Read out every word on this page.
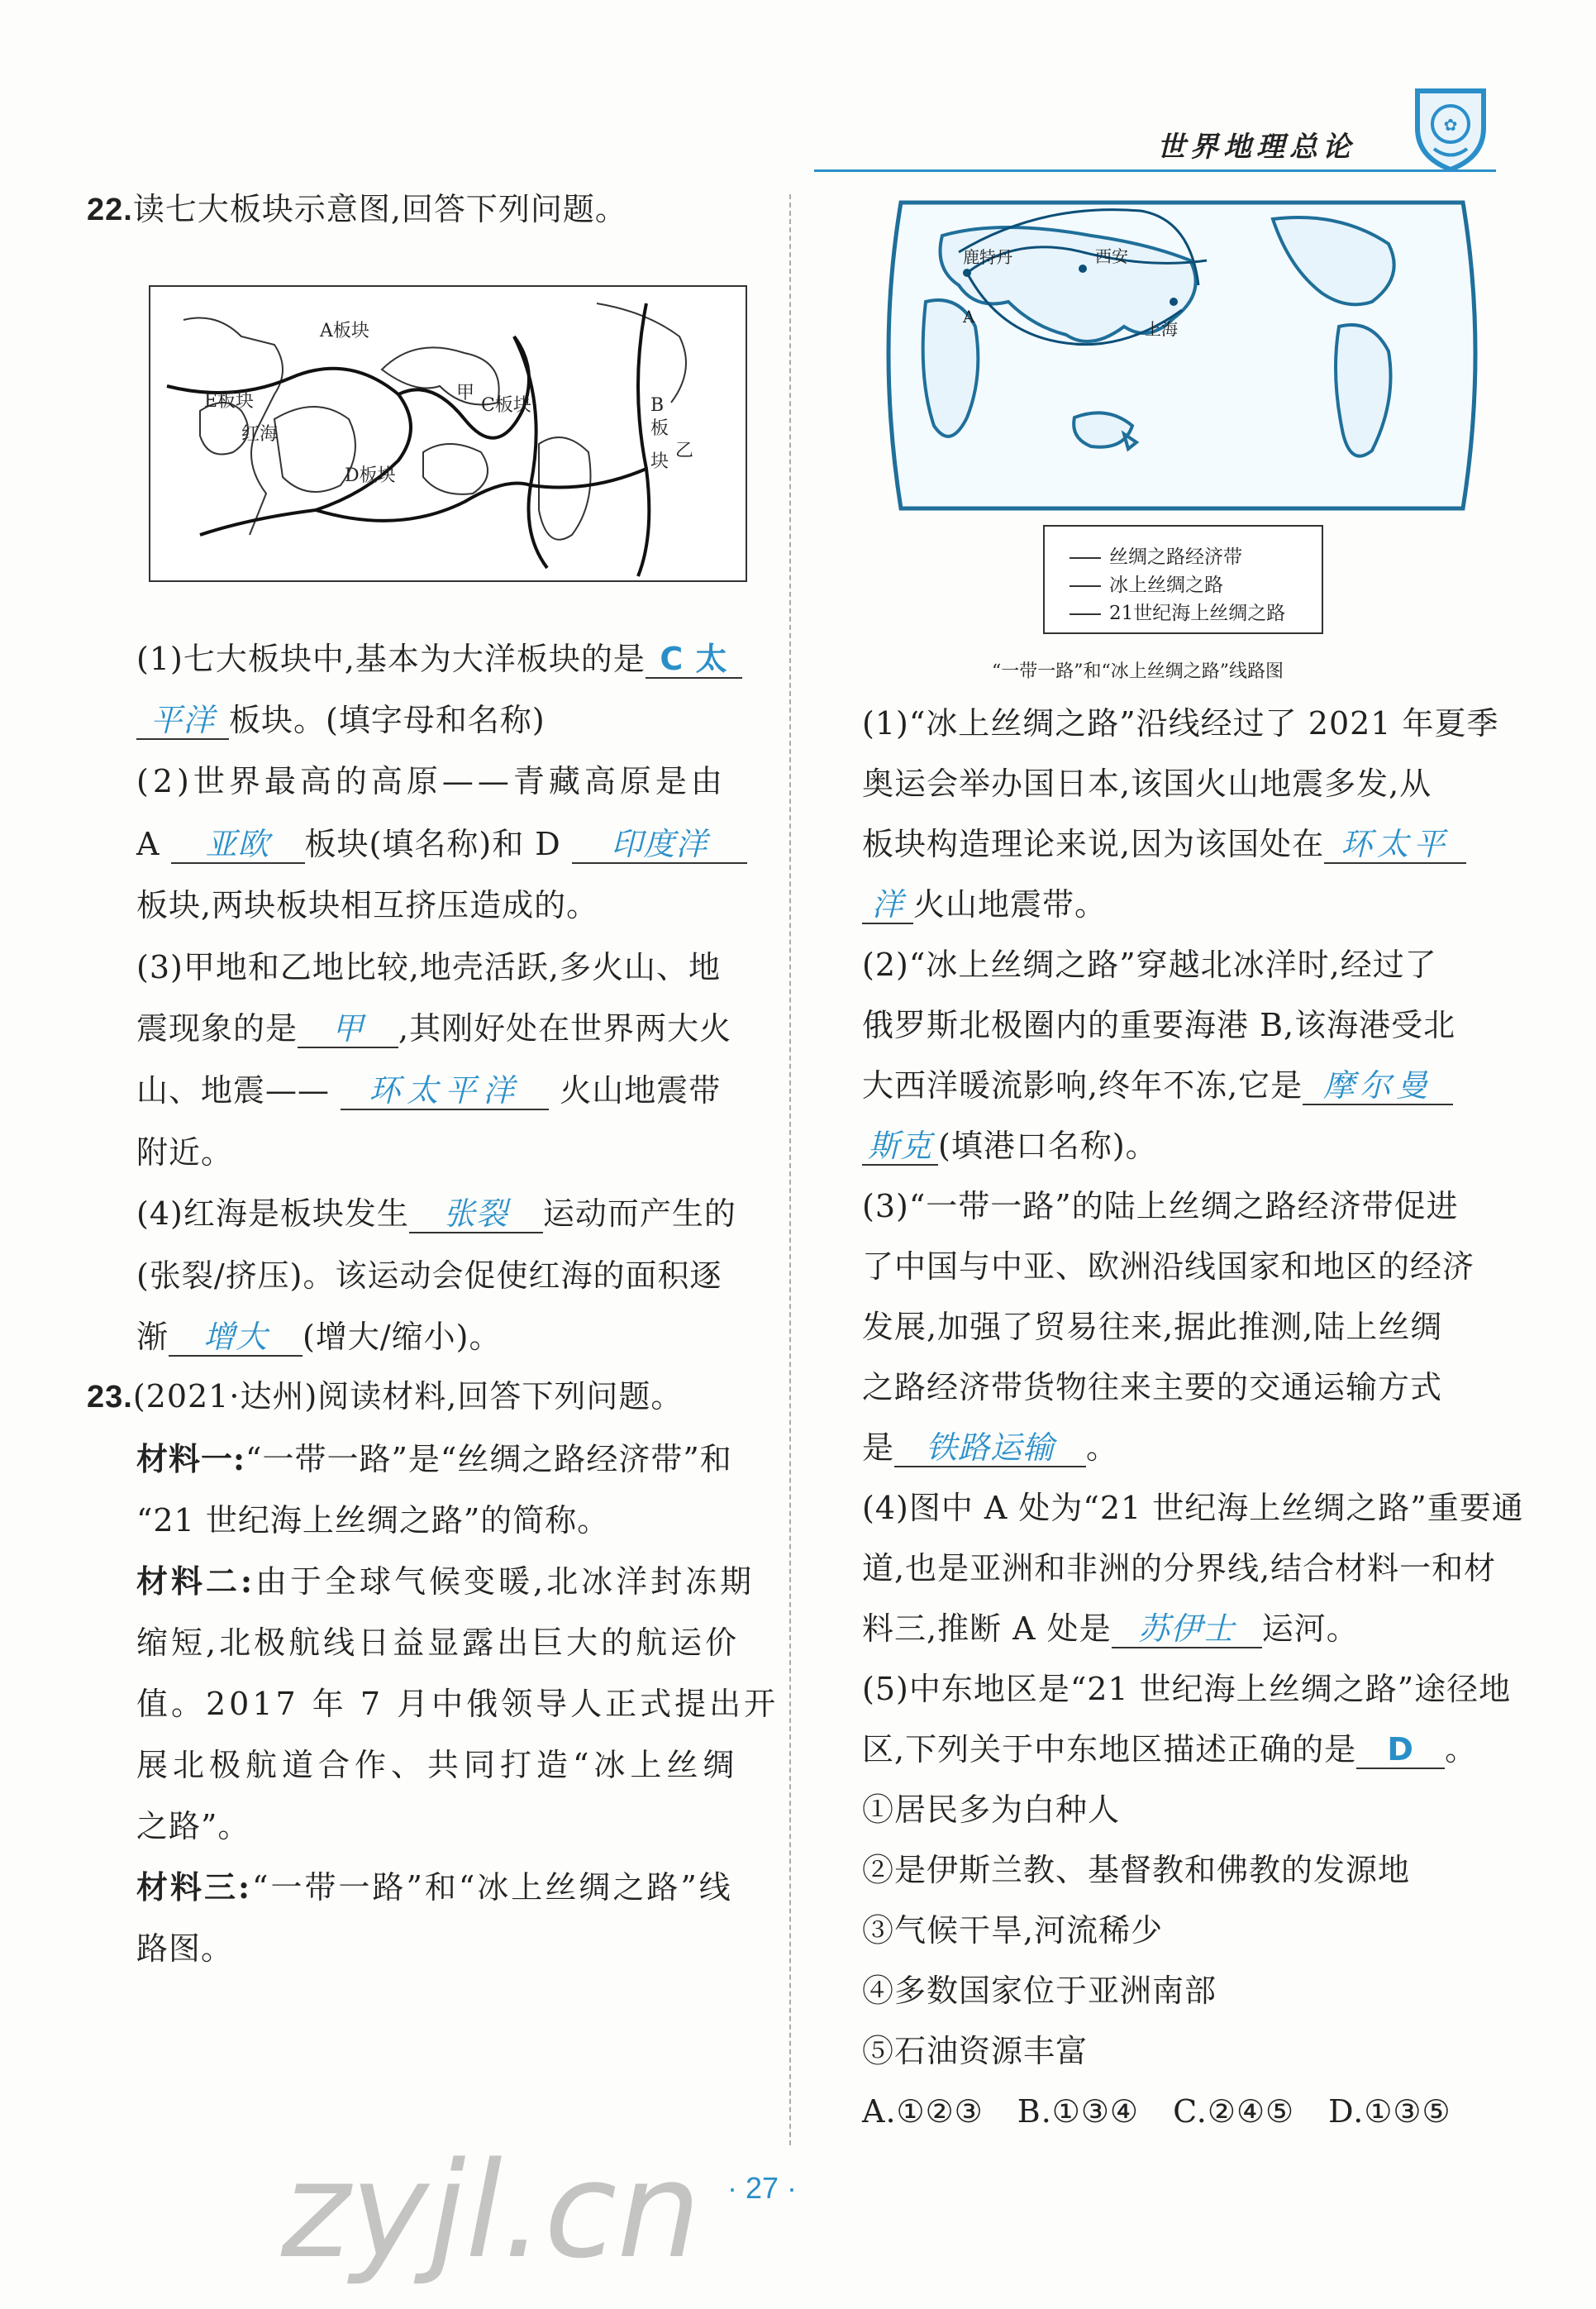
世界地理总论
✿
22.读七大板块示意图,回答下列问题。
A板块
B
板
块
C板块
D板块
E板块
红海
甲
乙
(1)七大板块中,基本为大洋板块的是 C 太
平洋 板块。(填字母和名称)
(2)世界最高的高原——青藏高原是由
A 亚欧 板块(填名称)和 D 印度洋
板块,两块板块相互挤压造成的。
(3)甲地和乙地比较,地壳活跃,多火山、地
震现象的是 甲 ,其刚好处在世界两大火
山、地震—— 环太平洋 火山地震带
附近。
(4)红海是板块发生 张裂 运动而产生的
(张裂/挤压)。该运动会促使红海的面积逐
渐 增大 (增大/缩小)。
23.(2021·达州)阅读材料,回答下列问题。
材料一:“一带一路”是“丝绸之路经济带”和
“21 世纪海上丝绸之路”的简称。
材料二:由于全球气候变暖,北冰洋封冻期
缩短,北极航线日益显露出巨大的航运价
值。2017 年 7 月中俄领导人正式提出开
展北极航道合作、共同打造“冰上丝绸
之路”。
材料三:“一带一路”和“冰上丝绸之路”线
路图。
鹿特丹	西安
上海
A
丝绸之路经济带
冰上丝绸之路
21世纪海上丝绸之路
“一带一路”和“冰上丝绸之路”线路图
(1)“冰上丝绸之路”沿线经过了 2021 年夏季
奥运会举办国日本,该国火山地震多发,从
板块构造理论来说,因为该国处在 环太平
洋 火山地震带。
(2)“冰上丝绸之路”穿越北冰洋时,经过了
俄罗斯北极圈内的重要海港 B,该海港受北
大西洋暖流影响,终年不冻,它是 摩尔曼
斯克 (填港口名称)。
(3)“一带一路”的陆上丝绸之路经济带促进
了中国与中亚、欧洲沿线国家和地区的经济
发展,加强了贸易往来,据此推测,陆上丝绸
之路经济带货物往来主要的交通运输方式
是 铁路运输 。
(4)图中 A 处为“21 世纪海上丝绸之路”重要通
道,也是亚洲和非洲的分界线,结合材料一和材
料三,推断 A 处是 苏伊士 运河。
(5)中东地区是“21 世纪海上丝绸之路”途径地
区,下列关于中东地区描述正确的是 D 。
①居民多为白种人
②是伊斯兰教、基督教和佛教的发源地
③气候干旱,河流稀少
④多数国家位于亚洲南部
⑤石油资源丰富
A.①②③ B.①③④ C.②④⑤ D.①③⑤
· 27 ·
zyjl.cn
